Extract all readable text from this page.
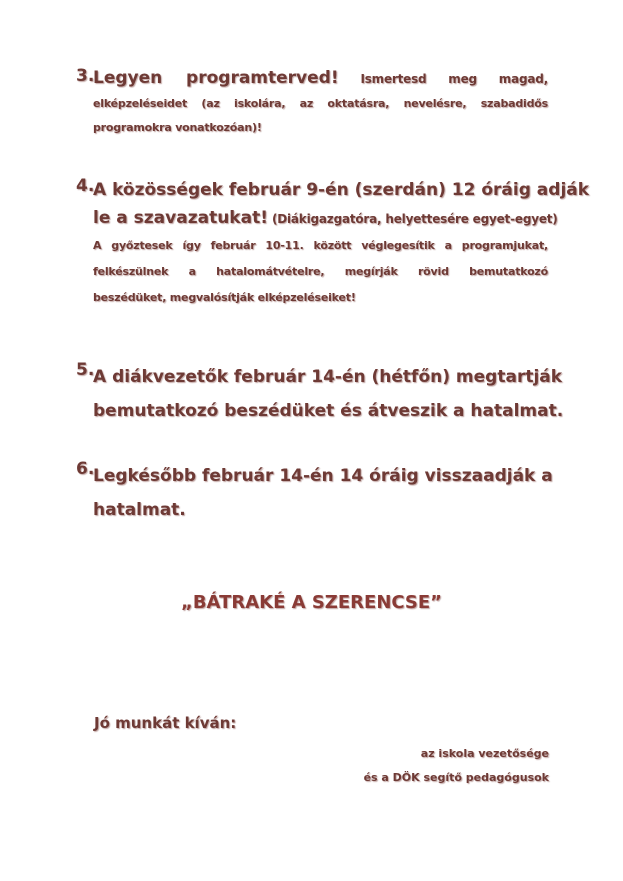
3.
Legyen programterved! Ismertesd meg magad,
elképzeléseidet (az iskolára, az oktatásra, nevelésre, szabadidős
programokra vonatkozóan)!
4.
A közösségek február 9-én (szerdán) 12 óráig adják
le a szavazatukat! (Diákigazgatóra, helyettesére egyet-egyet)
A győztesek így február 10-11. között véglegesítik a programjukat,
felkészülnek a hatalomátvételre, megírják rövid bemutatkozó
beszédüket, megvalósítják elképzeléseiket!
5.
A diákvezetők február 14-én (hétfőn) megtartják
bemutatkozó beszédüket és átveszik a hatalmat.
6.
Legkésőbb február 14-én 14 óráig visszaadják a
hatalmat.
„BÁTRAKÉ A SZERENCSE”
Jó munkát kíván:
az iskola vezetősége
és a DÖK segítő pedagógusok
